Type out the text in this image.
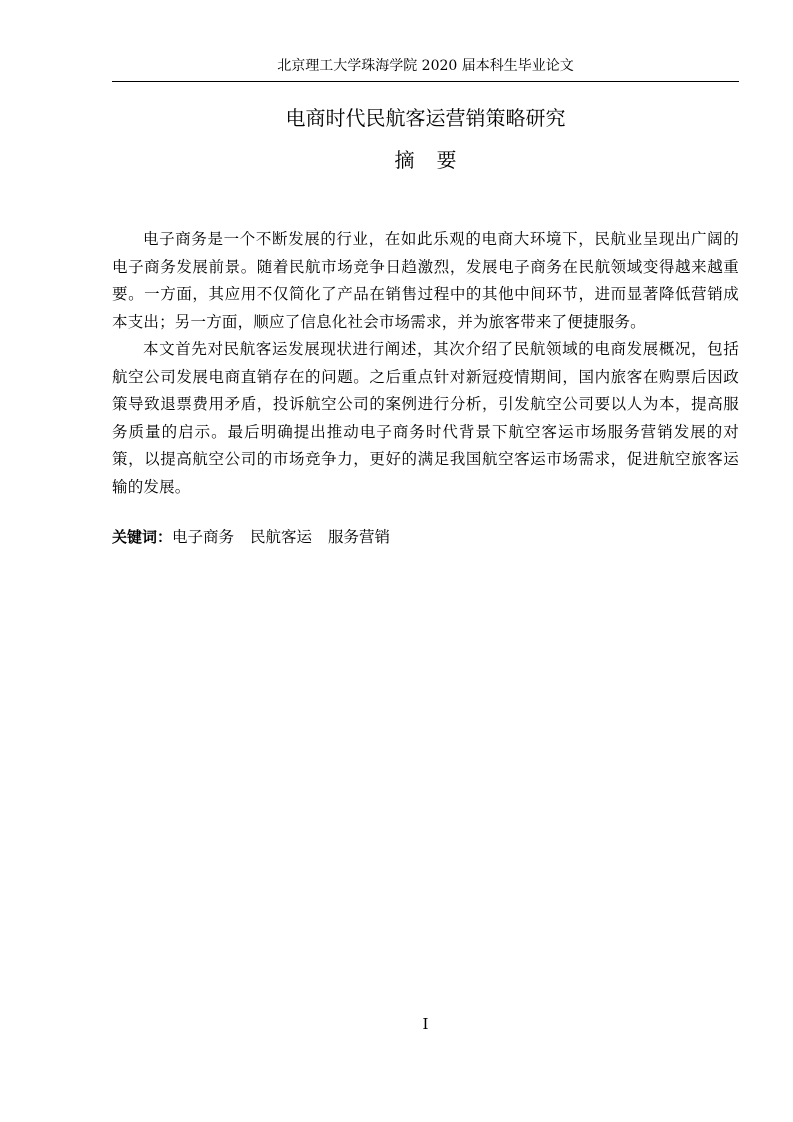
北京理工大学珠海学院 2020 届本科生毕业论文
电商时代民航客运营销策略研究
摘 要

电子商务是一个不断发展的行业，在如此乐观的电商大环境下，民航业呈现出广阔的电子商务发展前景。随着民航市场竞争日趋激烈，发展电子商务在民航领域变得越来越重要。一方面，其应用不仅简化了产品在销售过程中的其他中间环节，进而显著降低营销成本支出；另一方面，顺应了信息化社会市场需求，并为旅客带来了便捷服务。

本文首先对民航客运发展现状进行阐述，其次介绍了民航领域的电商发展概况，包括航空公司发展电商直销存在的问题。之后重点针对新冠疫情期间，国内旅客在购票后因政策导致退票费用矛盾，投诉航空公司的案例进行分析，引发航空公司要以人为本，提高服务质量的启示。最后明确提出推动电子商务时代背景下航空客运市场服务营销发展的对策，以提高航空公司的市场竞争力，更好的满足我国航空客运市场需求，促进航空旅客运输的发展。

关键词：电子商务 民航客运 服务营销
I
